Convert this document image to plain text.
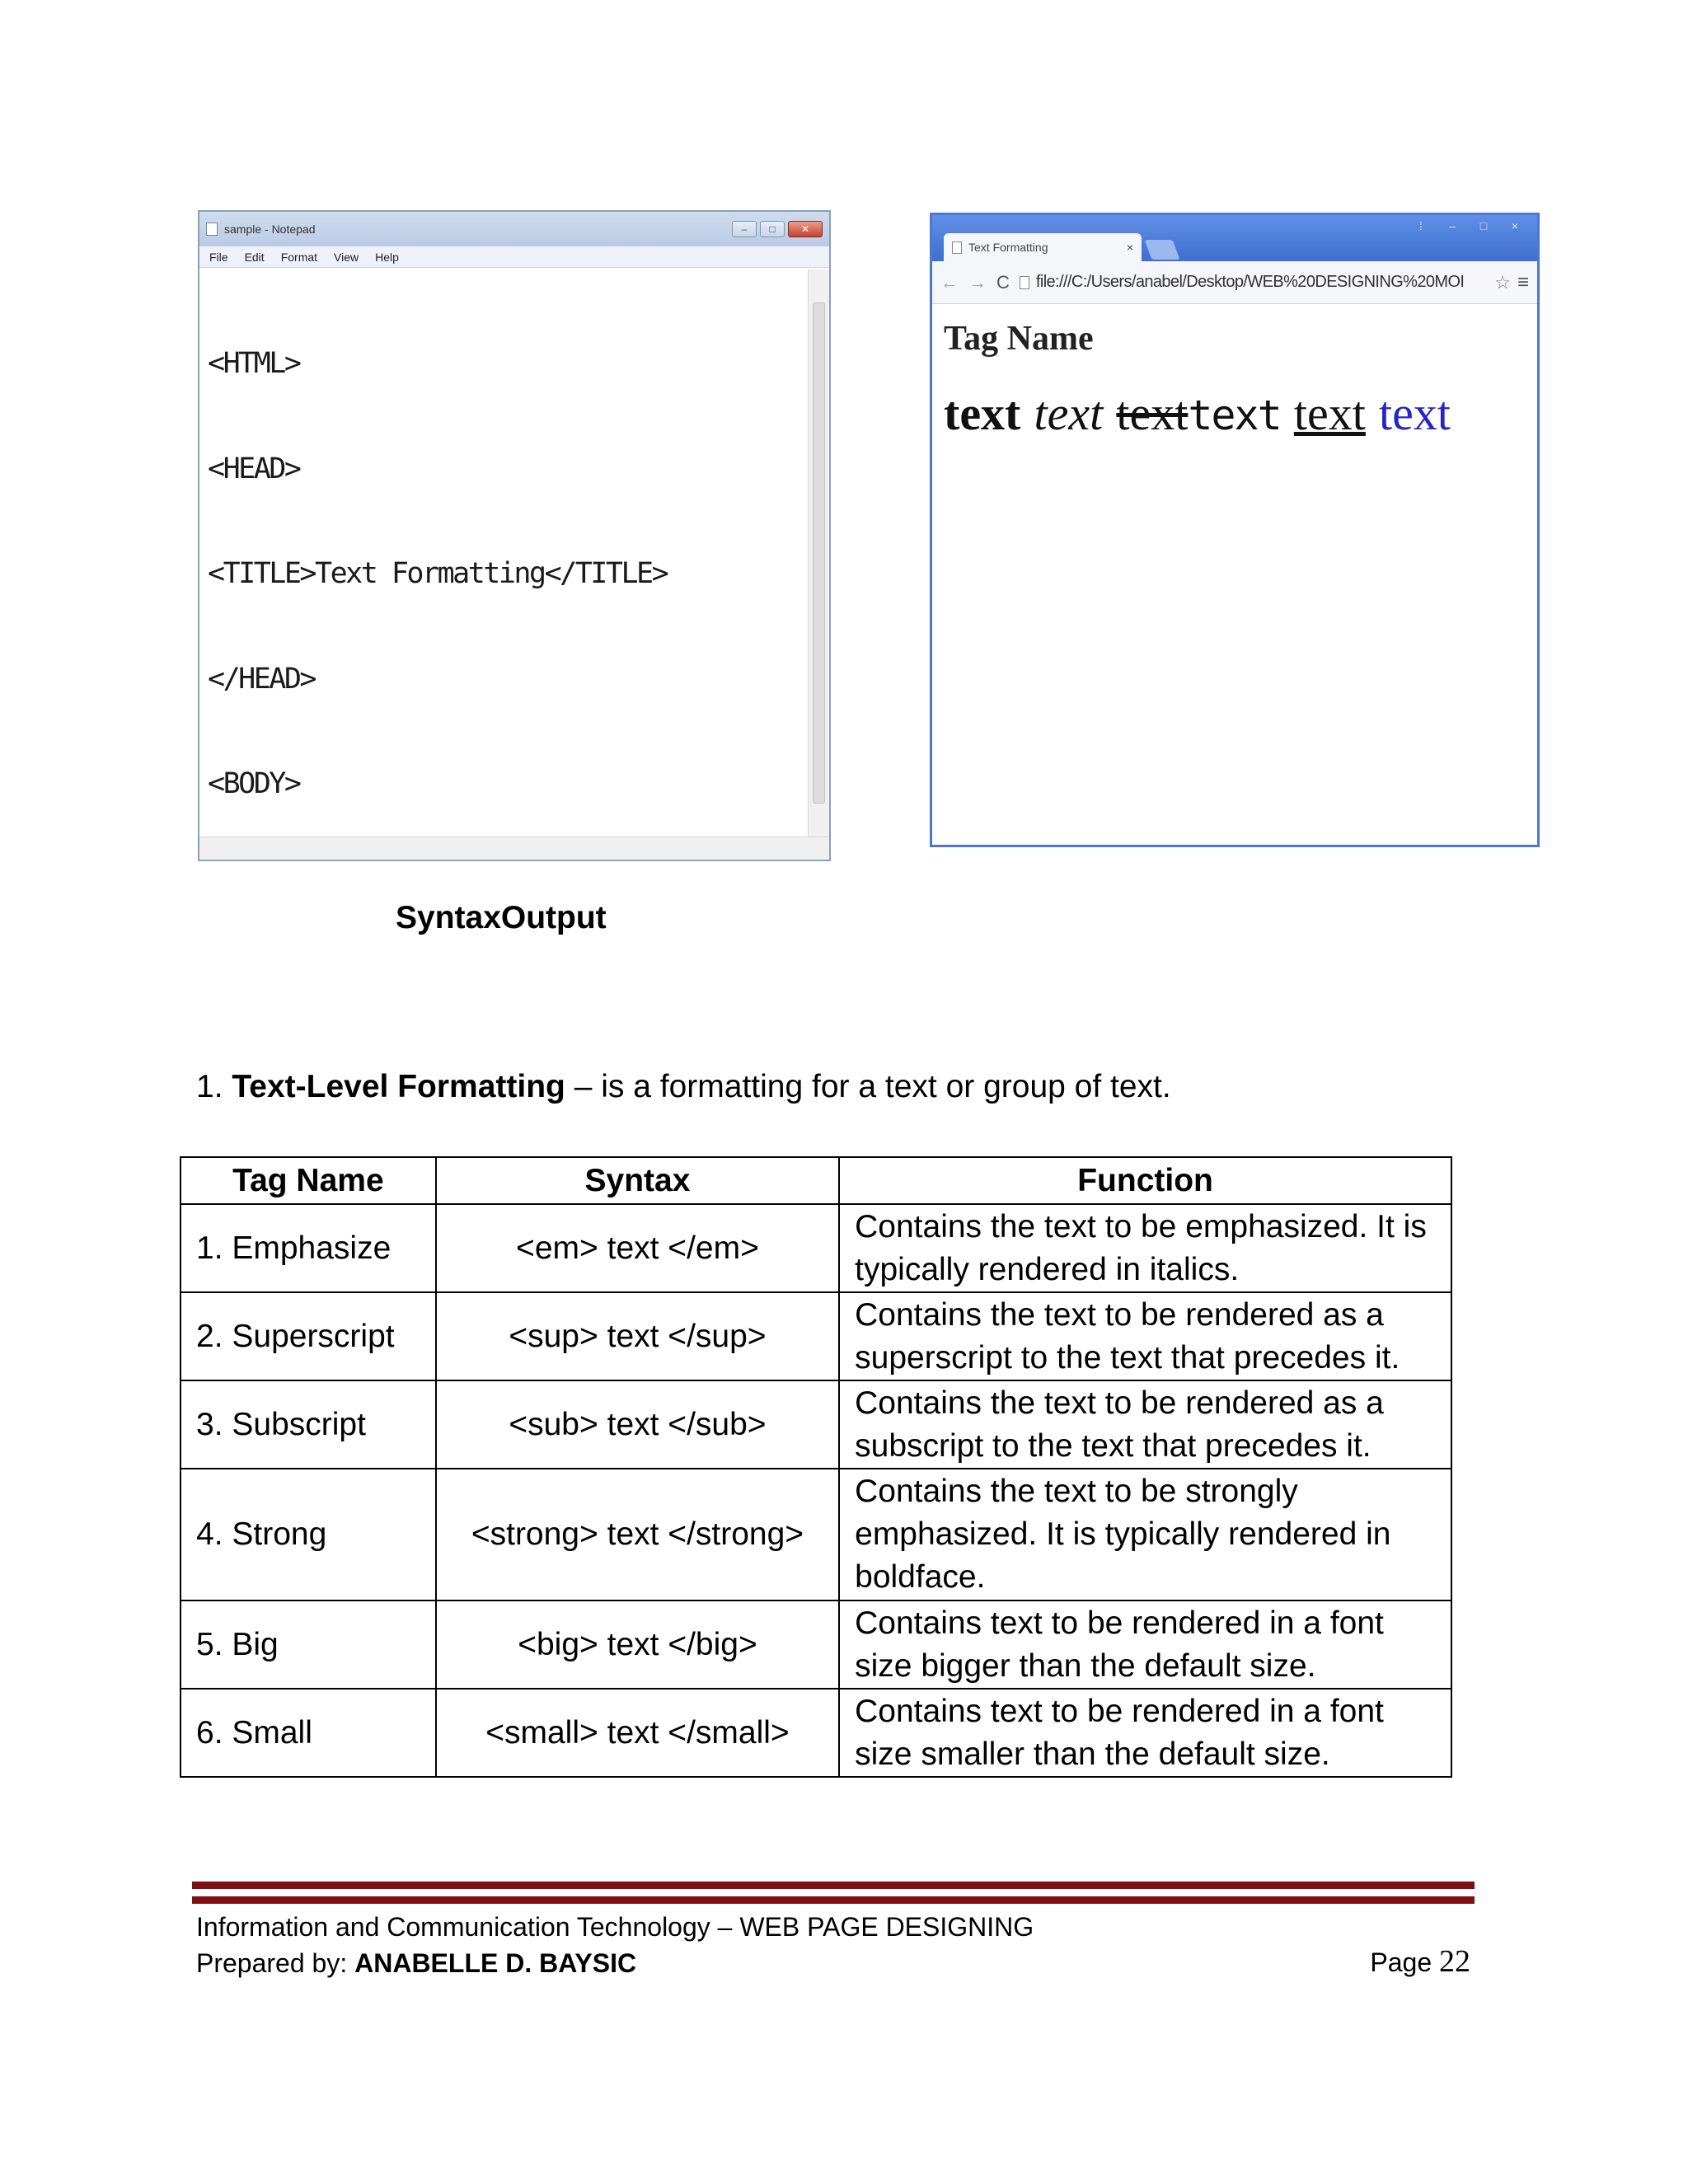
sample - Notepad	–	□	✕
File Edit Format View Help

<HTML>

<HEAD>

<TITLE>Text Formatting</TITLE>

</HEAD>

<BODY>

Text Formatting	×
⁞	–	□	×
← → C file:///C:/Users/anabel/Desktop/WEB%20DESIGNING%20MOI ☆ ≡
Tag Name
text text texttext text text
SyntaxOutput
1. Text-Level Formatting – is a formatting for a text or group of text.
Tag Name	Syntax	Function
1. Emphasize	<em> text </em>	Contains the text to be emphasized. It is typically rendered in italics.
2. Superscript	<sup> text </sup>	Contains the text to be rendered as a superscript to the text that precedes it.
3. Subscript	<sub> text </sub>	Contains the text to be rendered as a subscript to the text that precedes it.
4. Strong	<strong> text </strong>	Contains the text to be strongly emphasized. It is typically rendered in boldface.
5. Big	<big> text </big>	Contains text to be rendered in a font size bigger than the default size.
6. Small	<small> text </small>	Contains text to be rendered in a font size smaller than the default size.
Information and Communication Technology – WEB PAGE DESIGNING
Prepared by: ANABELLE D. BAYSIC	Page 22
